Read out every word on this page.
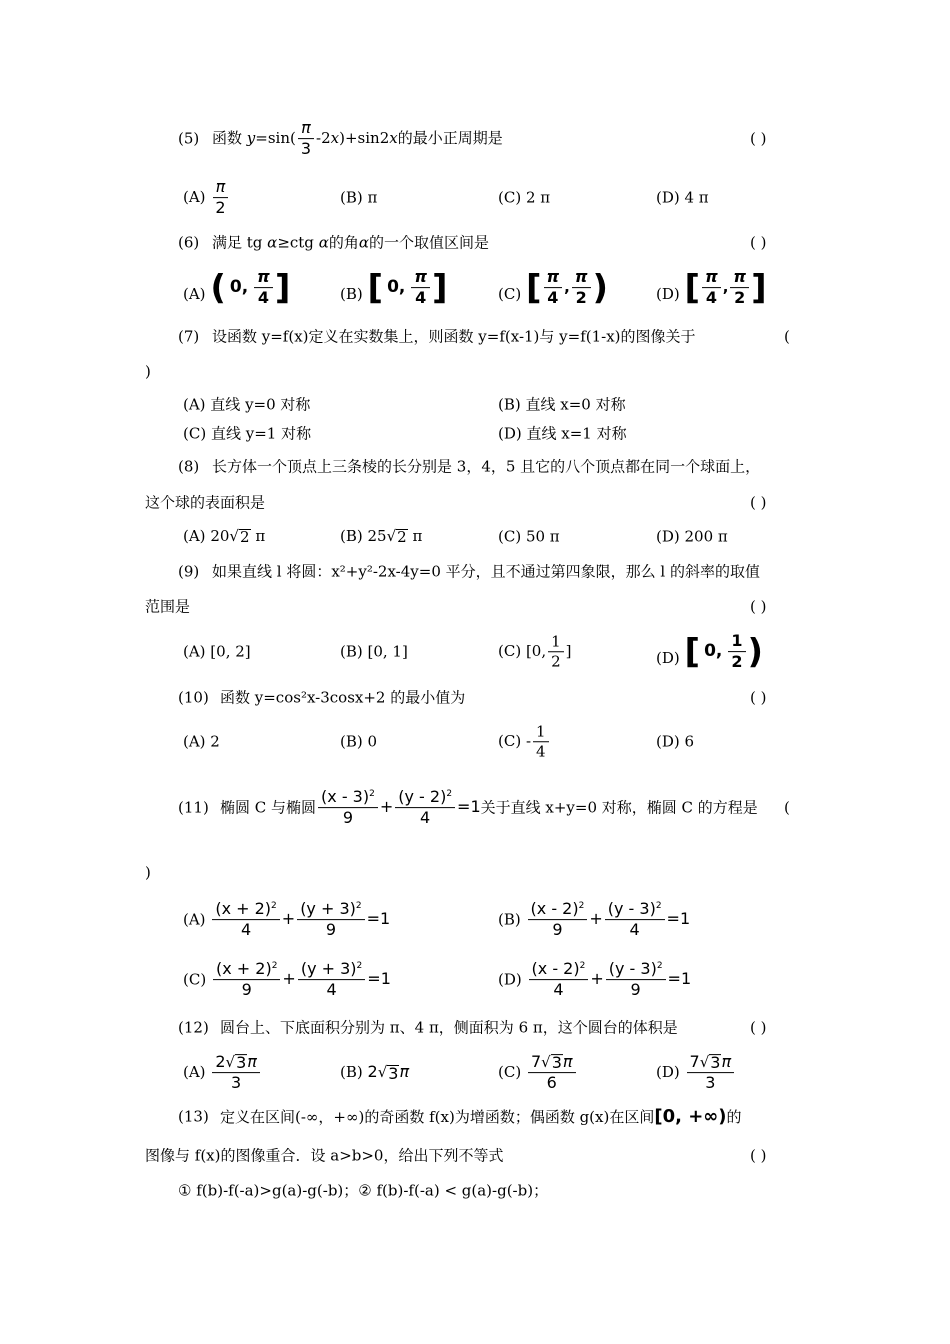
(5) 函数 $y=\sin( \frac{\pi}{3} -2x)+\sin 2x$的最小正周期是	( )
$(A) \frac{\pi}{2}$	(B) π	(C) 2 π	(D) 4 π
(6) 满足 tg α≥ctg α的角α的一个取值区间是	( )
(A) ( 0, $\frac{\pi}{4}$ ]	(B) [ 0, $\frac{\pi}{4}$ ]	(C) [ $\frac{\pi}{4}$ , $\frac{\pi}{2}$ )	(D) [ $\frac{\pi}{4}$ , $\frac{\pi}{2}$ ]
(7) 设函数 y=f(x)定义在实数集上，则函数 y=f(x-1)与 y=f(1-x)的图像关于	(
)
(A) 直线 y=0 对称	(B) 直线 x=0 对称
(C) 直线 y=1 对称	(D) 直线 x=1 对称
(8) 长方体一个顶点上三条棱的长分别是 3，4，5 且它的八个顶点都在同一个球面上，
这个球的表面积是	( )
(A) 20 √ 2 π	(B) 25 √ 2 π	(C) 50 π	(D) 200 π
(9) 如果直线 l 将圆：x²+y²-2x-4y=0 平分，且不通过第四象限，那么 l 的斜率的取值
范围是	( )
(A) [0, 2]	(B) [0, 1]	(C) [0, $\frac{1}{2}$ ]	(D) [ 0, $\frac{1}{2}$ )
(10) 函数 y=cos²x-3cosx+2 的最小值为	( )
(A) 2	(B) 0	$(C) - \frac{1}{4}$	(D) 6
(11) 椭圆 C 与椭圆 $\frac{(x - 3)^2}{9} + \frac{(y - 2)^2}{4} =1$关于直线 x+y=0 对称，椭圆 C 的方程是 (
)
$(A) \frac{(x + 2)^2}{4} + \frac{(y + 3)^2}{9} =1$	$(B) \frac{(x - 2)^2}{9} + \frac{(y - 3)^2}{4} =1$
$(C) \frac{(x + 2)^2}{9} + \frac{(y + 3)^2}{4} =1$	$(D) \frac{(x - 2)^2}{4} + \frac{(y - 3)^2}{9} =1$
(12) 圆台上、下底面积分别为 π、4 π，侧面积为 6 π，这个圆台的体积是	( )
$(A) \frac{2 √ 3 \pi}{3}$	(B) 2 √ 3 π	$(C) \frac{7 √ 3 \pi}{6}$	$(D) \frac{7 √ 3 \pi}{3}$
(13) 定义在区间(-∞，+∞)的奇函数 f(x)为增函数；偶函数 g(x)在区间[0, +∞)的
图像与 f(x)的图像重合．设 a>b>0，给出下列不等式	( )
① f(b)-f(-a)>g(a)-g(-b)；② f(b)-f(-a) < g(a)-g(-b)；
